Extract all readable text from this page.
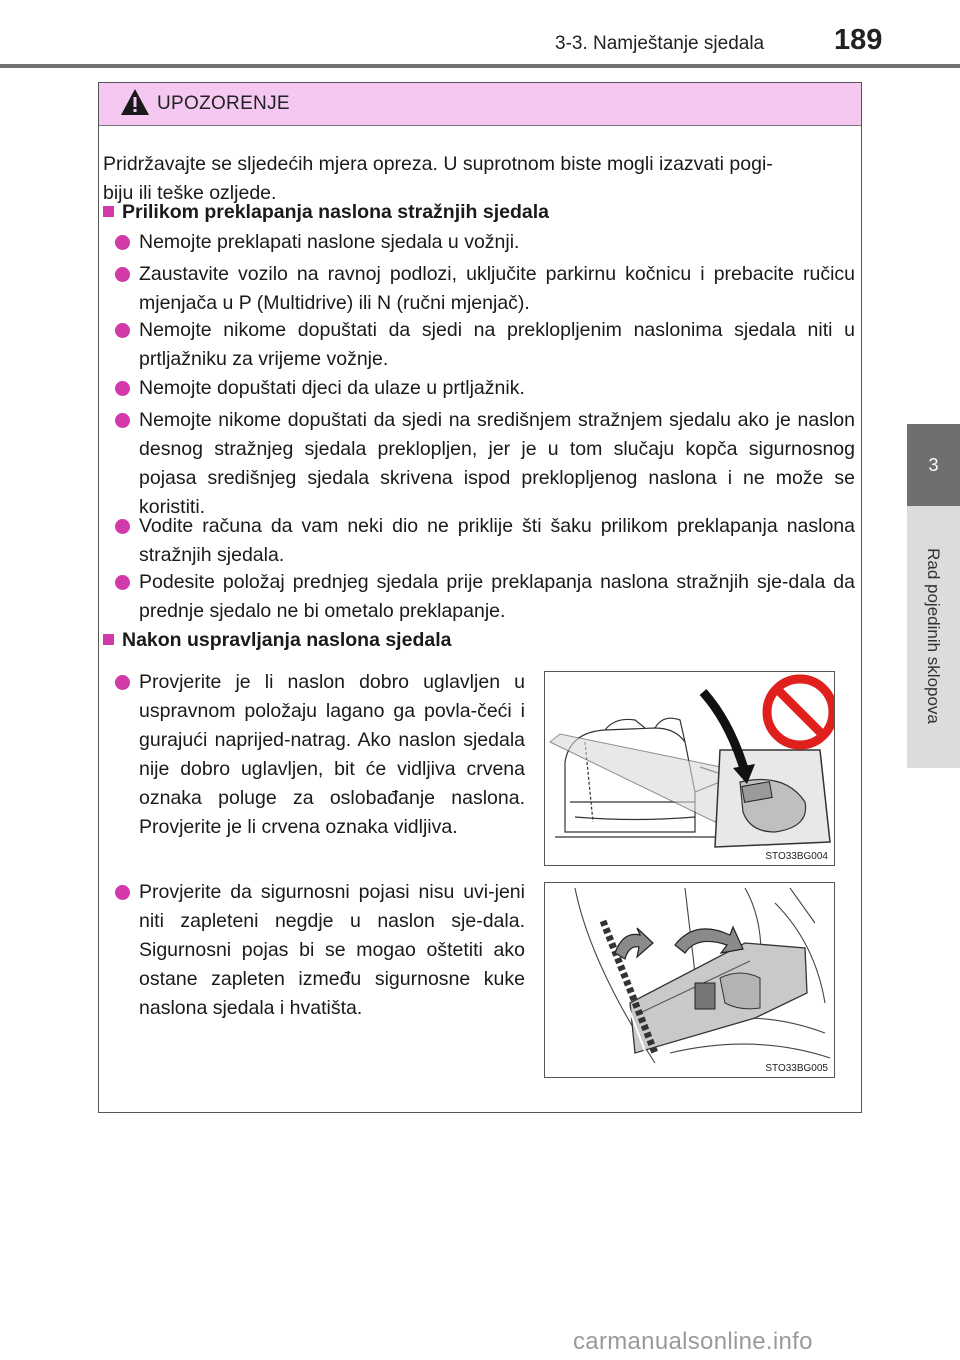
3-3. Namještanje sjedala 189
3
Rad pojedinih sklopova
UPOZORENJE
Pridržavajte se sljedećih mjera opreza. U suprotnom biste mogli izazvati pogi-
biju ili teške ozljede.
Prilikom preklapanja naslona stražnjih sjedala
Nemojte preklapati naslone sjedala u vožnji.
Zaustavite vozilo na ravnoj podlozi, uključite parkirnu kočnicu i prebacite ručicu mjenjača u P (Multidrive) ili N (ručni mjenjač).
Nemojte nikome dopuštati da sjedi na preklopljenim naslonima sjedala niti u prtljažniku za vrijeme vožnje.
Nemojte dopuštati djeci da ulaze u prtljažnik.
Nemojte nikome dopuštati da sjedi na središnjem stražnjem sjedalu ako je naslon desnog stražnjeg sjedala preklopljen, jer je u tom slučaju kopča sigurnosnog pojasa središnjeg sjedala skrivena ispod preklopljenog naslona i ne može se koristiti.
Vodite računa da vam neki dio ne priklije šti šaku prilikom preklapanja naslona stražnjih sjedala.
Podesite položaj prednjeg sjedala prije preklapanja naslona stražnjih sje-dala da prednje sjedalo ne bi ometalo preklapanje.
Nakon uspravljanja naslona sjedala
Provjerite je li naslon dobro uglavljen u uspravnom položaju lagano ga povla-čeći i gurajući naprijed-natrag. Ako naslon sjedala nije dobro uglavljen, bit će vidljiva crvena oznaka poluge za oslobađanje naslona. Provjerite je li crvena oznaka vidljiva.
Provjerite da sigurnosni pojasi nisu uvi-jeni niti zapleteni negdje u naslon sje-dala. Sigurnosni pojas bi se mogao oštetiti ako ostane zapleten između sigurnosne kuke naslona sjedala i hvatišta.
STO33BG004
STO33BG005
carmanualsonline.info
